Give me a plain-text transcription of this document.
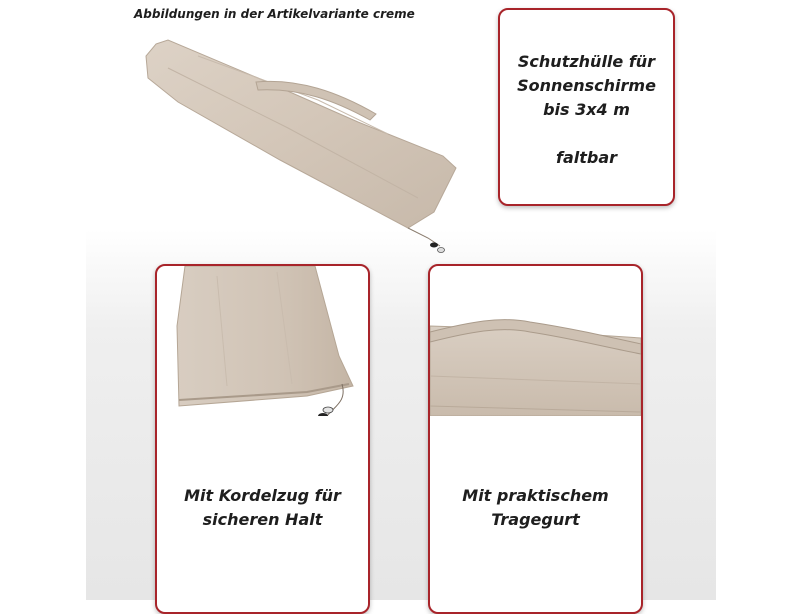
Abbildungen in der Artikelvariante creme
Schutzhülle für
Sonnenschirme
bis 3x4 m
faltbar
Mit Kordelzug für
sicheren Halt
Mit praktischem
Tragegurt
